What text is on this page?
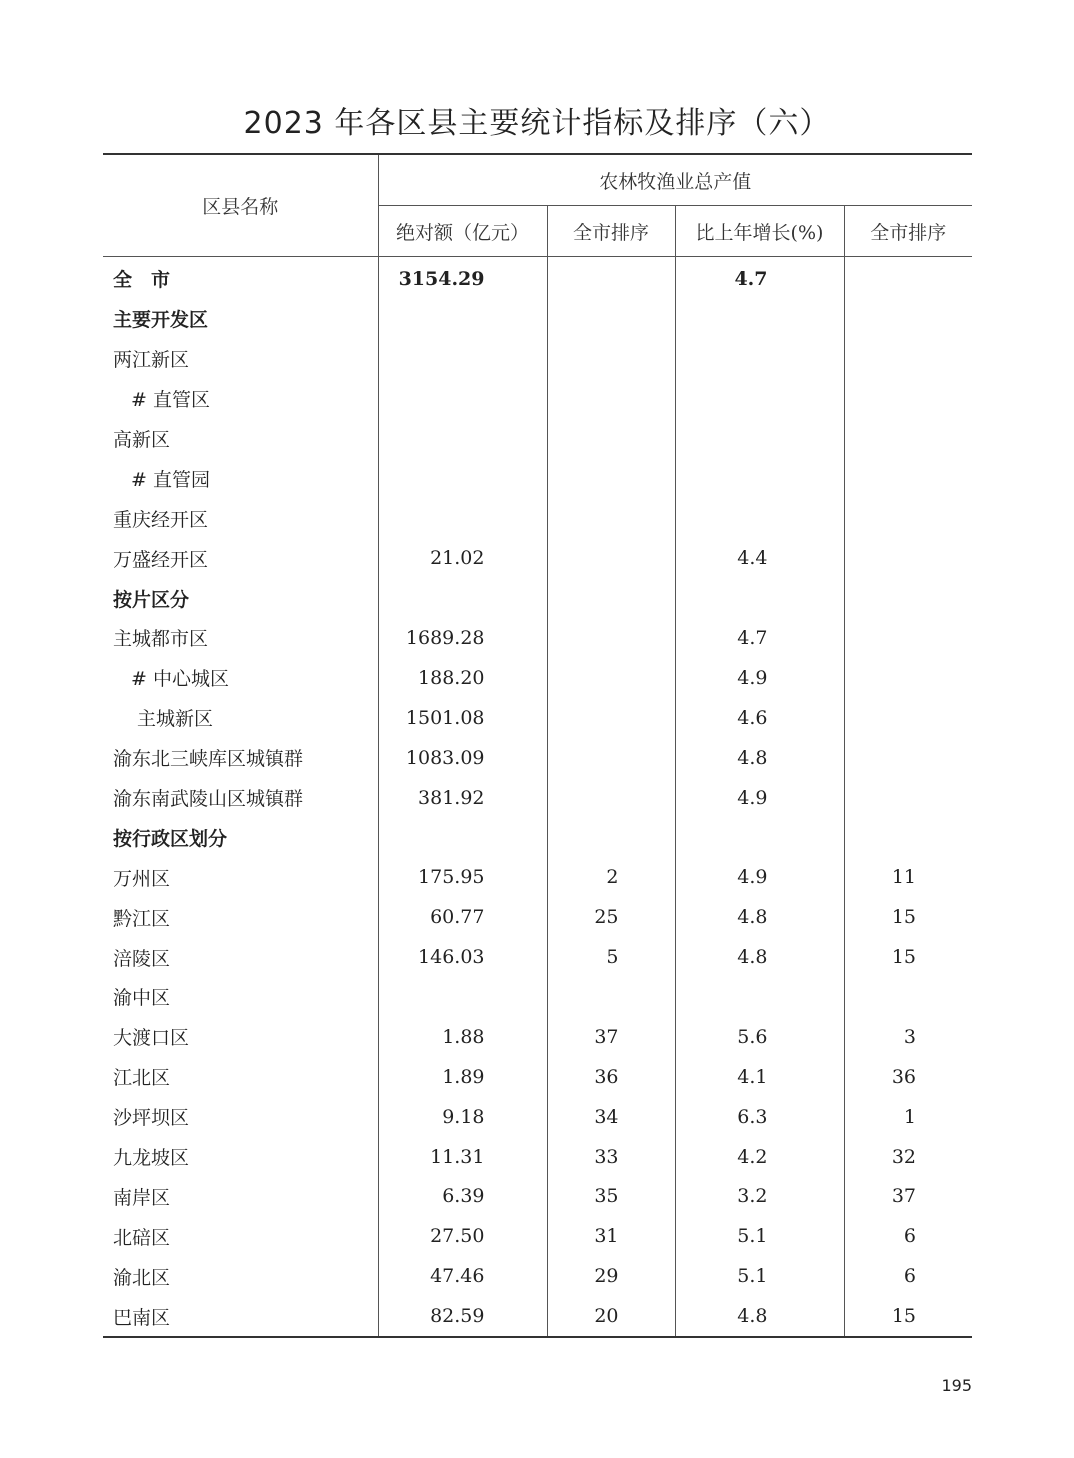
2023 年各区县主要统计指标及排序（六）
区县名称	农林牧渔业总产值			
	绝对额（亿元）	全市排序	比上年增长(%)	全市排序
全　市	3154.29		4.7	
主要开发区				
两江新区				
# 直管区				
高新区				
# 直管园				
重庆经开区				
万盛经开区	21.02		4.4	
按片区分				
主城都市区	1689.28		4.7	
# 中心城区	188.20		4.9	
主城新区	1501.08		4.6	
渝东北三峡库区城镇群	1083.09		4.8	
渝东南武陵山区城镇群	381.92		4.9	
按行政区划分				
万州区	175.95	2	4.9	11
黔江区	60.77	25	4.8	15
涪陵区	146.03	5	4.8	15
渝中区				
大渡口区	1.88	37	5.6	3
江北区	1.89	36	4.1	36
沙坪坝区	9.18	34	6.3	1
九龙坡区	11.31	33	4.2	32
南岸区	6.39	35	3.2	37
北碚区	27.50	31	5.1	6
渝北区	47.46	29	5.1	6
巴南区	82.59	20	4.8	15
195
